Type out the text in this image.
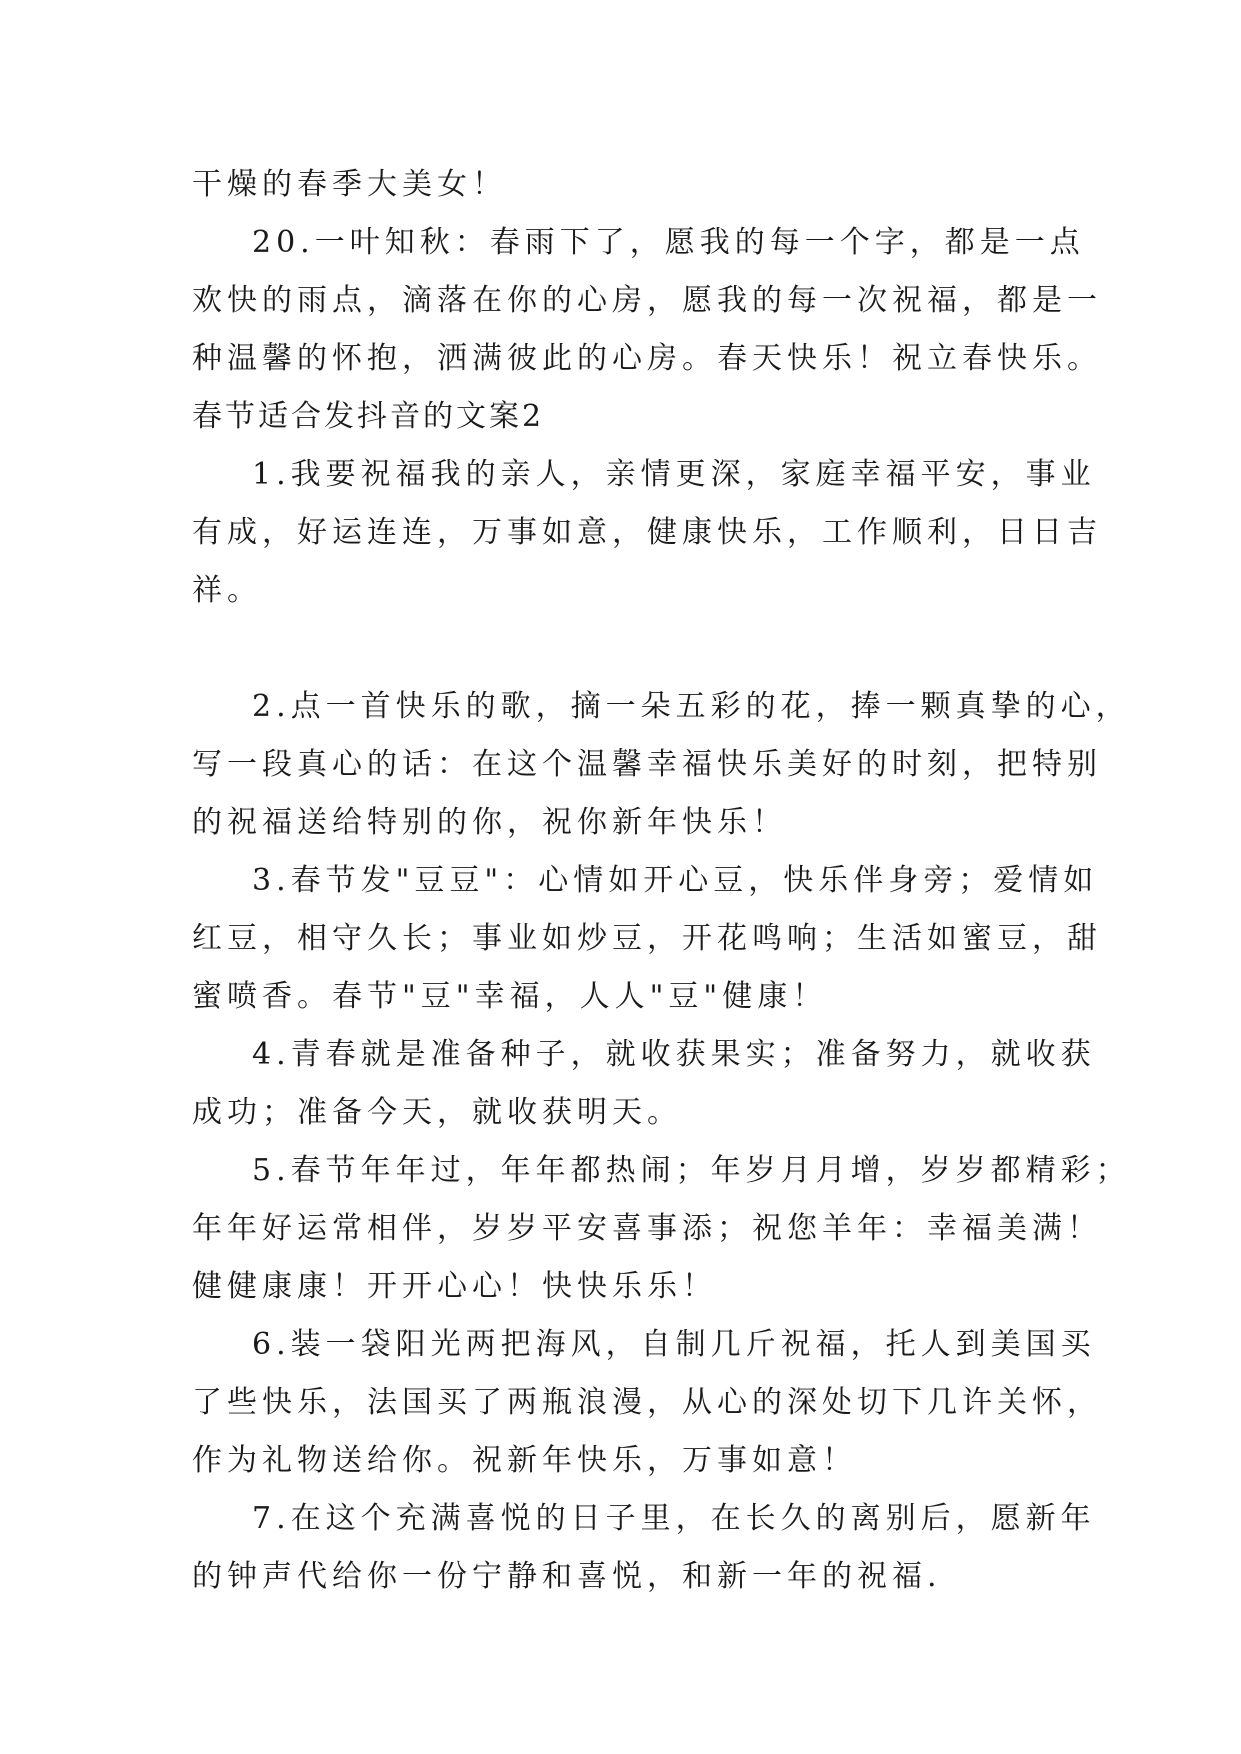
干燥的春季大美女！
20.一叶知秋：春雨下了，愿我的每一个字，都是一点
欢快的雨点，滴落在你的心房，愿我的每一次祝福，都是一
种温馨的怀抱，洒满彼此的心房。春天快乐！祝立春快乐。
春节适合发抖音的文案2
1.我要祝福我的亲人，亲情更深，家庭幸福平安，事业
有成，好运连连，万事如意，健康快乐，工作顺利，日日吉
祥。
2.点一首快乐的歌，摘一朵五彩的花，捧一颗真挚的心，
写一段真心的话：在这个温馨幸福快乐美好的时刻，把特别
的祝福送给特别的你，祝你新年快乐！
3.春节发"豆豆"：心情如开心豆，快乐伴身旁；爱情如
红豆，相守久长；事业如炒豆，开花鸣响；生活如蜜豆，甜
蜜喷香。春节"豆"幸福，人人"豆"健康！
4.青春就是准备种子，就收获果实；准备努力，就收获
成功；准备今天，就收获明天。
5.春节年年过，年年都热闹；年岁月月增，岁岁都精彩；
年年好运常相伴，岁岁平安喜事添；祝您羊年：幸福美满！
健健康康！开开心心！快快乐乐！
6.装一袋阳光两把海风，自制几斤祝福，托人到美国买
了些快乐，法国买了两瓶浪漫，从心的深处切下几许关怀，
作为礼物送给你。祝新年快乐，万事如意！
7.在这个充满喜悦的日子里，在长久的离别后，愿新年
的钟声代给你一份宁静和喜悦，和新一年的祝福.
